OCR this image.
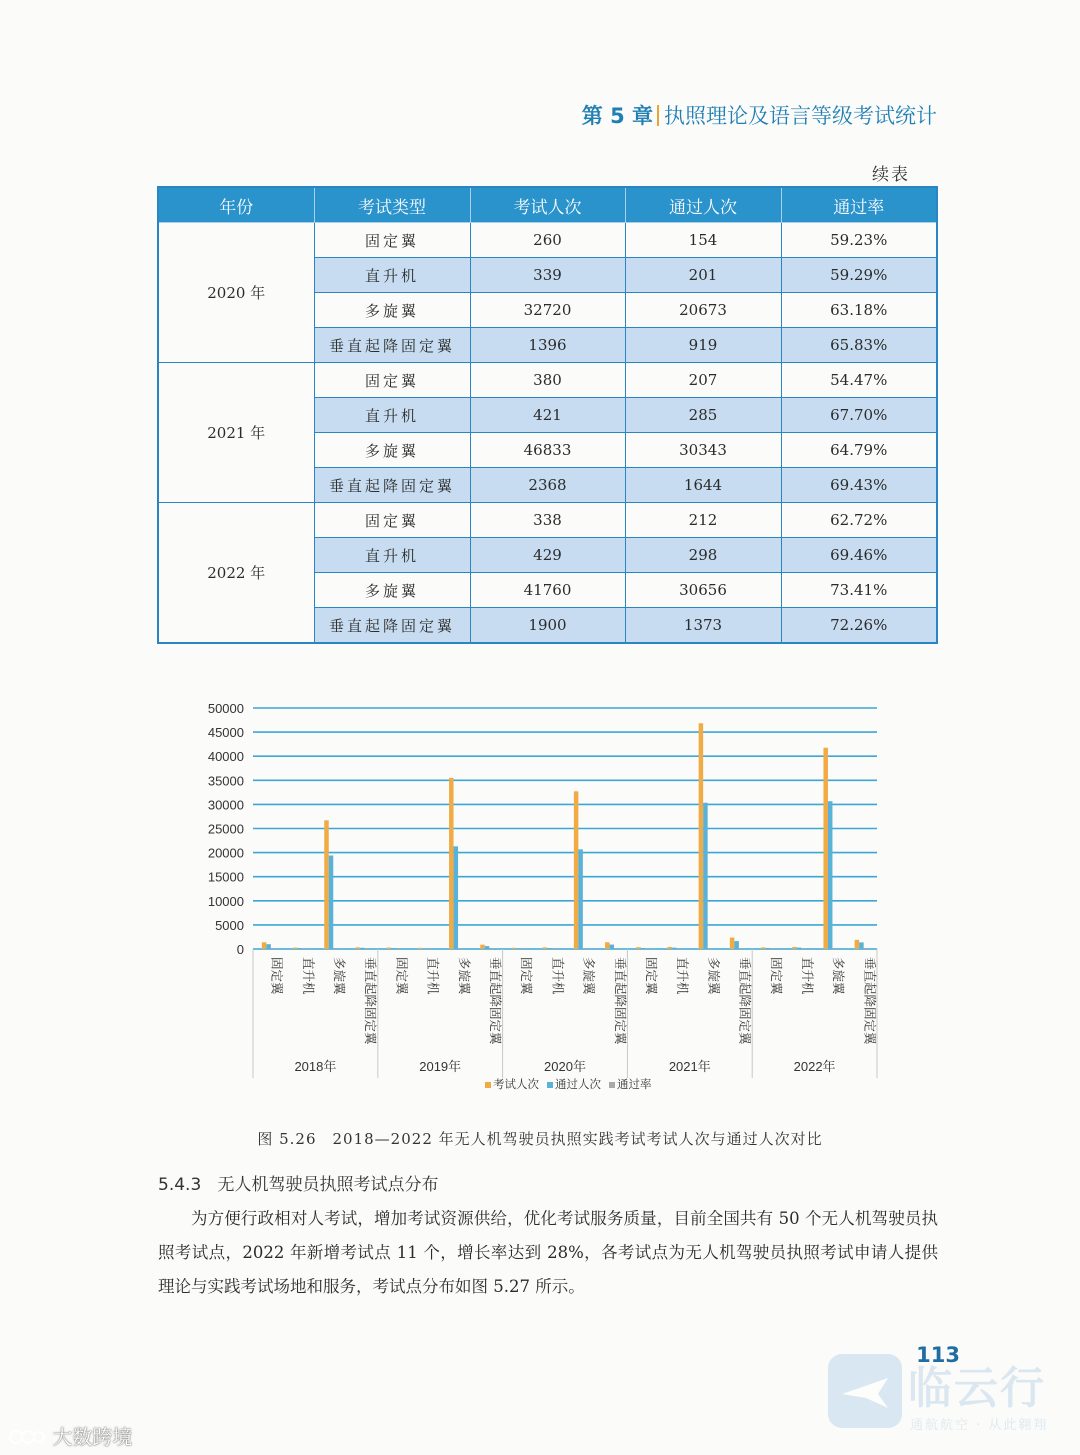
第 5 章 执照理论及语言等级考试统计
续表
年份	考试类型	考试人次	通过人次	通过率
2020 年	固定翼	260	154	59.23%
	直升机	339	201	59.29%
	多旋翼	32720	20673	63.18%
	垂直起降固定翼	1396	919	65.83%
2021 年	固定翼	380	207	54.47%
	直升机	421	285	67.70%
	多旋翼	46833	30343	64.79%
	垂直起降固定翼	2368	1644	69.43%
2022 年	固定翼	338	212	62.72%
	直升机	429	298	69.46%
	多旋翼	41760	30656	73.41%
	垂直起降固定翼	1900	1373	72.26%
0
5000
10000
15000
20000
25000
30000
35000
40000
45000
50000
固定翼 直升机 多旋翼 垂直起降固定翼
2018年
固定翼 直升机 多旋翼 垂直起降固定翼
2019年
固定翼 直升机 多旋翼 垂直起降固定翼
2020年
固定翼 直升机 多旋翼 垂直起降固定翼
2021年
固定翼 直升机 多旋翼 垂直起降固定翼
2022年
考试人次 通过人次 通过率
图 5.26　2018—2022 年无人机驾驶员执照实践考试考试人次与通过人次对比
5.4.3 无人机驾驶员执照考试点分布
为方便行政相对人考试，增加考试资源供给，优化考试服务质量，目前全国共有 50 个无人机驾驶员执照考试点，2022 年新增考试点 11 个，增长率达到 28%，各考试点为无人机驾驶员执照考试申请人提供理论与实践考试场地和服务，考试点分布如图 5.27 所示。
113
临云行
通航航空 · 从此翱翔
大数跨境
